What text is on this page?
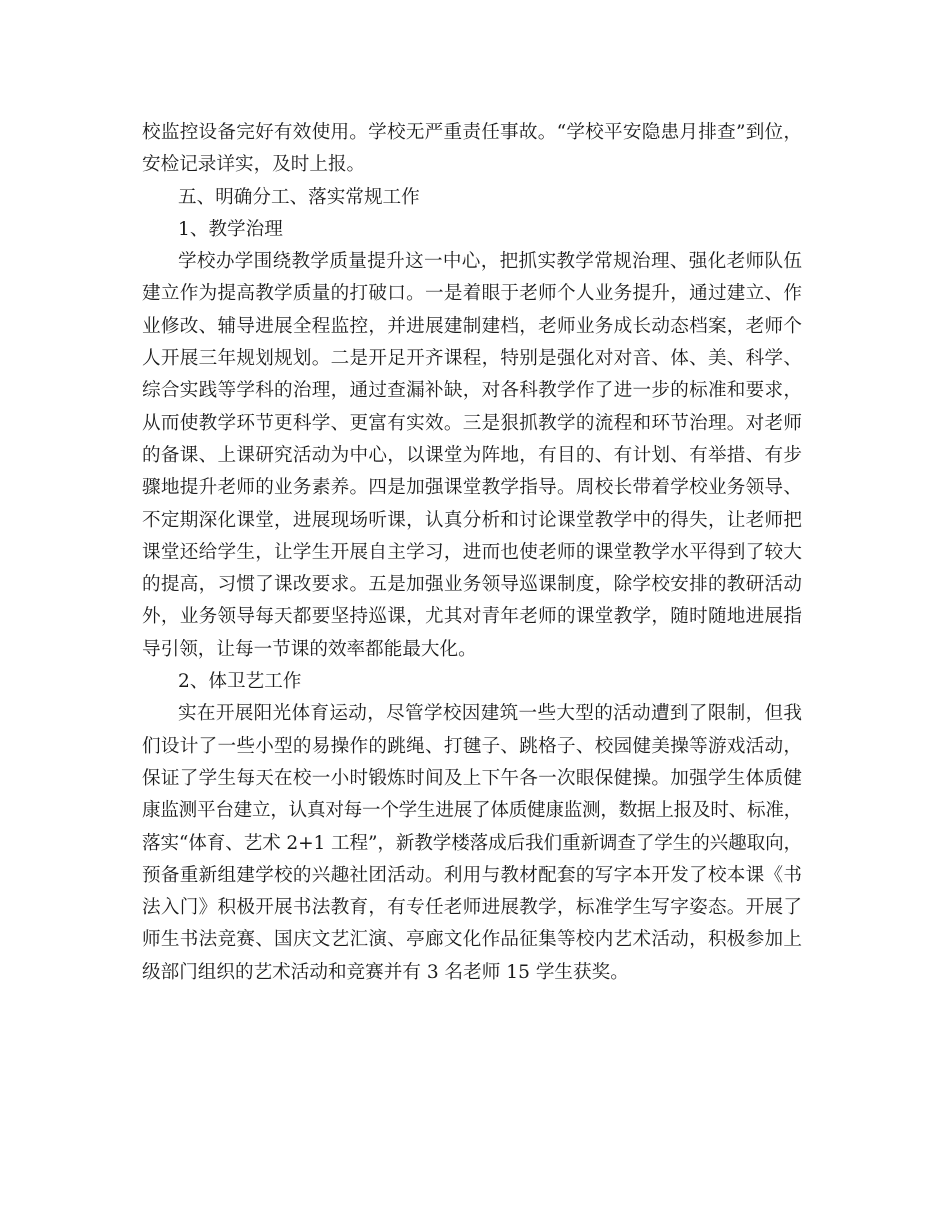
校监控设备完好有效使用。学校无严重责任事故。“学校平安隐患月排查”到位，
安检记录详实，及时上报。
五、明确分工、落实常规工作
1、教学治理
学校办学围绕教学质量提升这一中心，把抓实教学常规治理、强化老师队伍
建立作为提高教学质量的打破口。一是着眼于老师个人业务提升，通过建立、作
业修改、辅导进展全程监控，并进展建制建档，老师业务成长动态档案，老师个
人开展三年规划规划。二是开足开齐课程，特别是强化对对音、体、美、科学、
综合实践等学科的治理，通过查漏补缺，对各科教学作了进一步的标准和要求，
从而使教学环节更科学、更富有实效。三是狠抓教学的流程和环节治理。对老师
的备课、上课研究活动为中心，以课堂为阵地，有目的、有计划、有举措、有步
骤地提升老师的业务素养。四是加强课堂教学指导。周校长带着学校业务领导、
不定期深化课堂，进展现场听课，认真分析和讨论课堂教学中的得失，让老师把
课堂还给学生，让学生开展自主学习，进而也使老师的课堂教学水平得到了较大
的提高，习惯了课改要求。五是加强业务领导巡课制度，除学校安排的教研活动
外，业务领导每天都要坚持巡课，尤其对青年老师的课堂教学，随时随地进展指
导引领，让每一节课的效率都能最大化。
2、体卫艺工作
实在开展阳光体育运动，尽管学校因建筑一些大型的活动遭到了限制，但我
们设计了一些小型的易操作的跳绳、打毽子、跳格子、校园健美操等游戏活动，
保证了学生每天在校一小时锻炼时间及上下午各一次眼保健操。加强学生体质健
康监测平台建立，认真对每一个学生进展了体质健康监测，数据上报及时、标准，
落实“体育、艺术 2+1 工程”，新教学楼落成后我们重新调查了学生的兴趣取向，
预备重新组建学校的兴趣社团活动。利用与教材配套的写字本开发了校本课《书
法入门》积极开展书法教育，有专任老师进展教学，标准学生写字姿态。开展了
师生书法竞赛、国庆文艺汇演、亭廊文化作品征集等校内艺术活动，积极参加上
级部门组织的艺术活动和竞赛并有 3 名老师 15 学生获奖。
